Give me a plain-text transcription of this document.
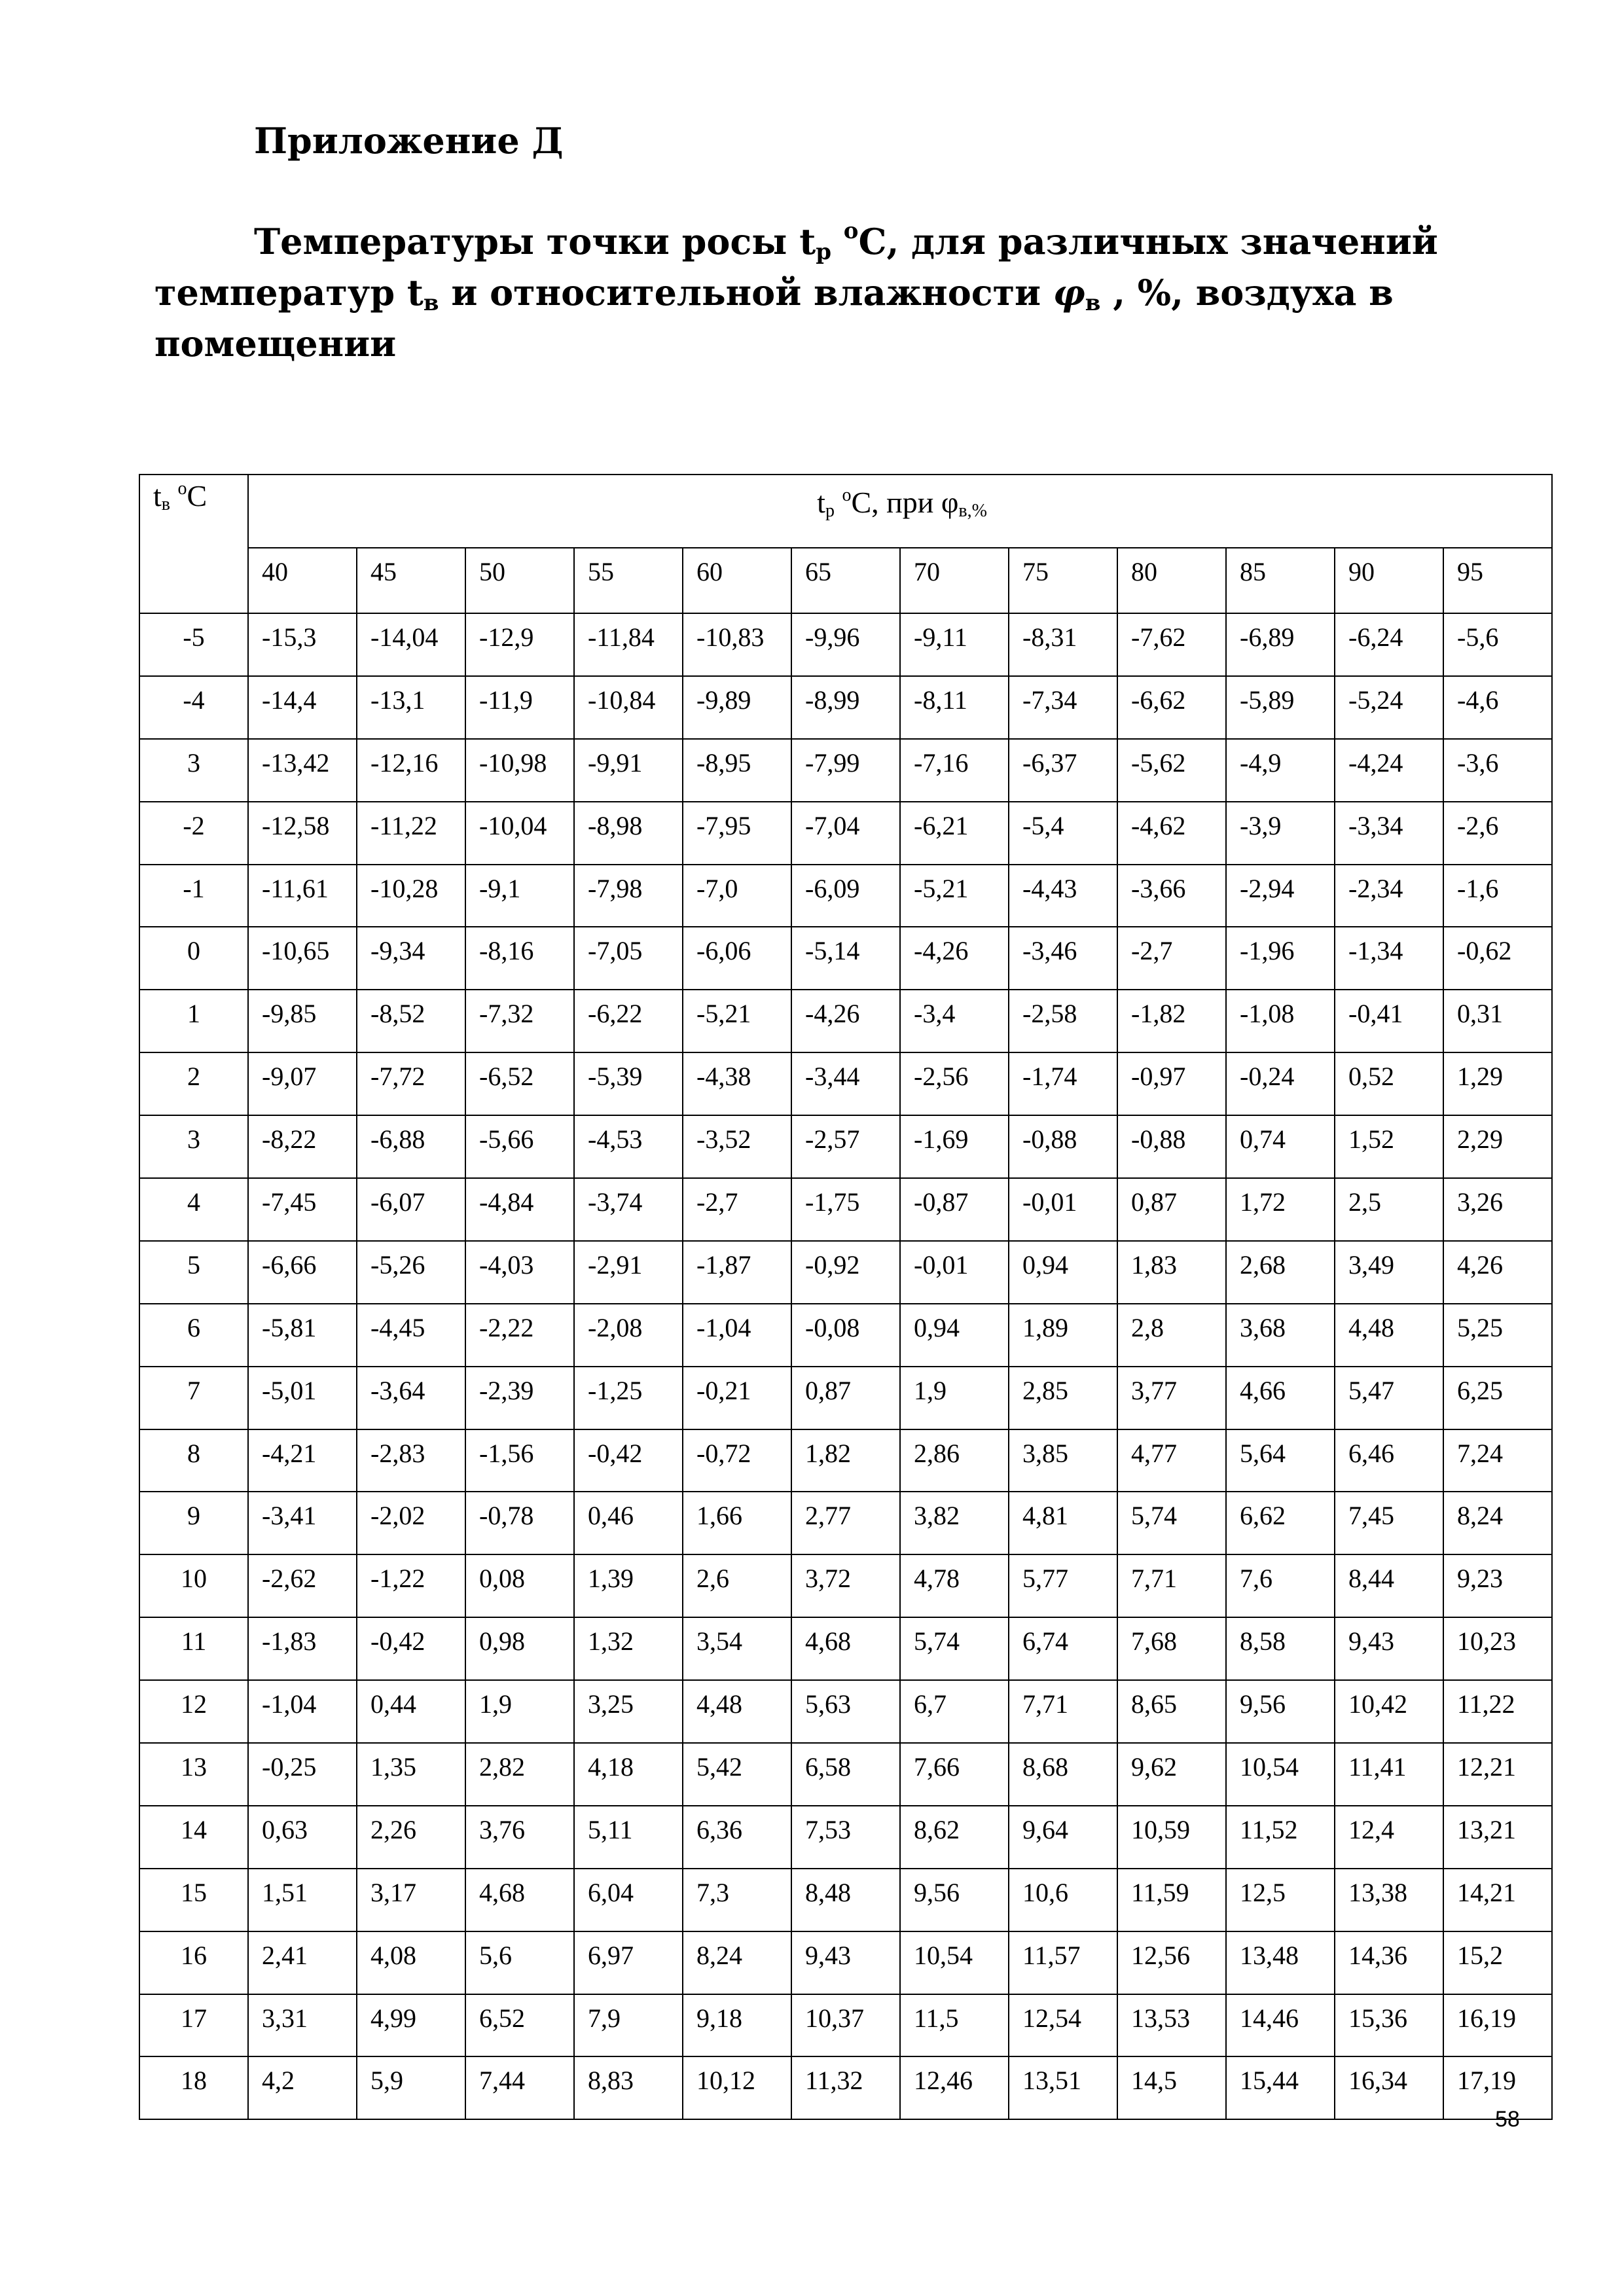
Приложение Д

Температуры точки росы $t_р$ $^o$С, для различных значений температур $t_в$ и относительной влажности $\varphi_в$ , %, воздуха в помещении

$t_в$ $^o$C	$t_р$ $^o$С, при $\varphi_{в,\%}$
	40	45	50	55	60	65	70	75	80	85	90	95
-5	-15,3	-14,04	-12,9	-11,84	-10,83	-9,96	-9,11	-8,31	-7,62	-6,89	-6,24	-5,6
-4	-14,4	-13,1	-11,9	-10,84	-9,89	-8,99	-8,11	-7,34	-6,62	-5,89	-5,24	-4,6
3	-13,42	-12,16	-10,98	-9,91	-8,95	-7,99	-7,16	-6,37	-5,62	-4,9	-4,24	-3,6
-2	-12,58	-11,22	-10,04	-8,98	-7,95	-7,04	-6,21	-5,4	-4,62	-3,9	-3,34	-2,6
-1	-11,61	-10,28	-9,1	-7,98	-7,0	-6,09	-5,21	-4,43	-3,66	-2,94	-2,34	-1,6
0	-10,65	-9,34	-8,16	-7,05	-6,06	-5,14	-4,26	-3,46	-2,7	-1,96	-1,34	-0,62
1	-9,85	-8,52	-7,32	-6,22	-5,21	-4,26	-3,4	-2,58	-1,82	-1,08	-0,41	0,31
2	-9,07	-7,72	-6,52	-5,39	-4,38	-3,44	-2,56	-1,74	-0,97	-0,24	0,52	1,29
3	-8,22	-6,88	-5,66	-4,53	-3,52	-2,57	-1,69	-0,88	-0,88	0,74	1,52	2,29
4	-7,45	-6,07	-4,84	-3,74	-2,7	-1,75	-0,87	-0,01	0,87	1,72	2,5	3,26
5	-6,66	-5,26	-4,03	-2,91	-1,87	-0,92	-0,01	0,94	1,83	2,68	3,49	4,26
6	-5,81	-4,45	-2,22	-2,08	-1,04	-0,08	0,94	1,89	2,8	3,68	4,48	5,25
7	-5,01	-3,64	-2,39	-1,25	-0,21	0,87	1,9	2,85	3,77	4,66	5,47	6,25
8	-4,21	-2,83	-1,56	-0,42	-0,72	1,82	2,86	3,85	4,77	5,64	6,46	7,24
9	-3,41	-2,02	-0,78	0,46	1,66	2,77	3,82	4,81	5,74	6,62	7,45	8,24
10	-2,62	-1,22	0,08	1,39	2,6	3,72	4,78	5,77	7,71	7,6	8,44	9,23
11	-1,83	-0,42	0,98	1,32	3,54	4,68	5,74	6,74	7,68	8,58	9,43	10,23
12	-1,04	0,44	1,9	3,25	4,48	5,63	6,7	7,71	8,65	9,56	10,42	11,22
13	-0,25	1,35	2,82	4,18	5,42	6,58	7,66	8,68	9,62	10,54	11,41	12,21
14	0,63	2,26	3,76	5,11	6,36	7,53	8,62	9,64	10,59	11,52	12,4	13,21
15	1,51	3,17	4,68	6,04	7,3	8,48	9,56	10,6	11,59	12,5	13,38	14,21
16	2,41	4,08	5,6	6,97	8,24	9,43	10,54	11,57	12,56	13,48	14,36	15,2
17	3,31	4,99	6,52	7,9	9,18	10,37	11,5	12,54	13,53	14,46	15,36	16,19
18	4,2	5,9	7,44	8,83	10,12	11,32	12,46	13,51	14,5	15,44	16,34	17,19

58
